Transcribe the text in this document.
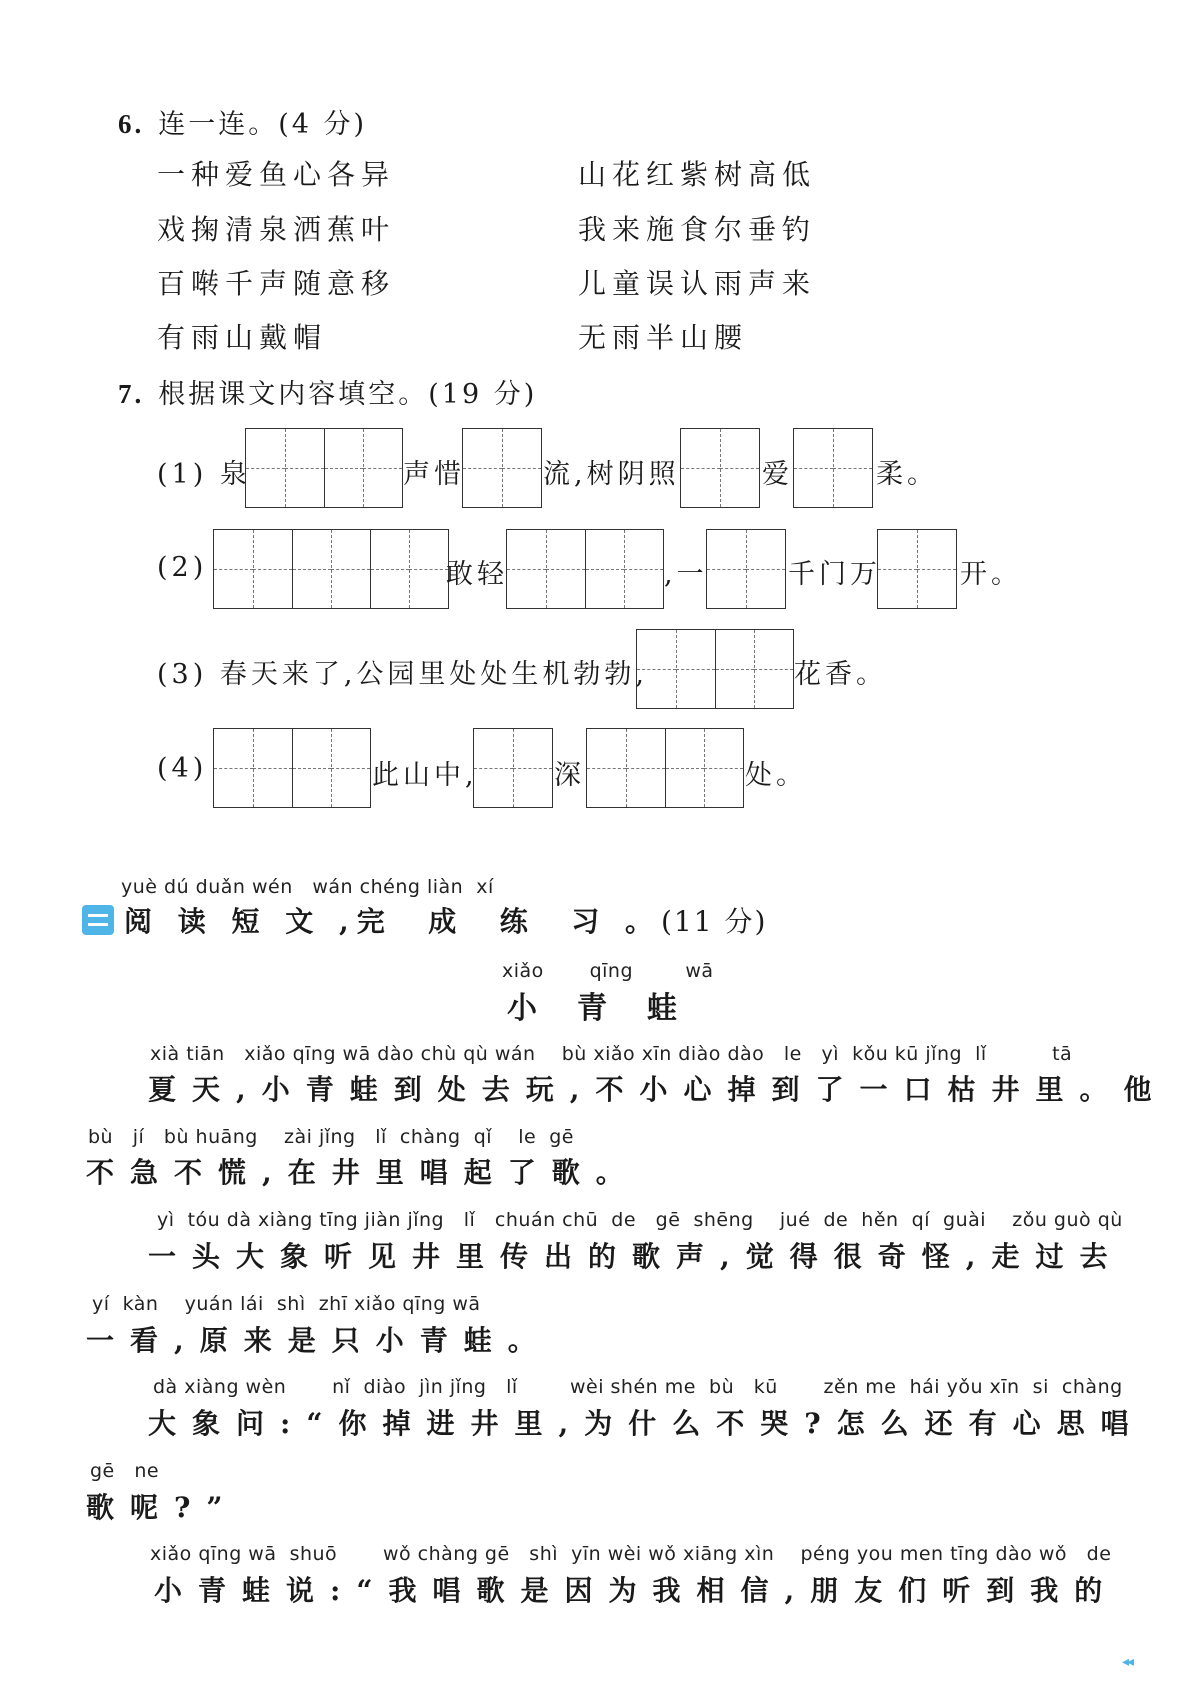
6. 连一连。(4 分)
一种爱鱼心各异
戏掬清泉洒蕉叶
百啭千声随意移
有雨山戴帽
山花红紫树高低
我来施食尔垂钓
儿童误认雨声来
无雨半山腰
7. 根据课文内容填空。(19 分)
(1) 泉	声惜	流,树阴照	爱	柔。
(2)	敢轻	,一	千门万	开。
(3) 春天来了,公园里处处生机勃勃,	花香。
(4)	此山中,	深	处。
yuè dú duǎn wén   wán chéng liàn  xí
阅 读 短 文 ,完  成  练  习 。(11 分)
xiǎo       qīng        wā
小青蛙
xià tiān   xiǎo qīng wā dào chù qù wán    bù xiǎo xīn diào dào   le   yì  kǒu kū jǐng  lǐ          tā
夏天,小青蛙到处去玩,不小心掉到了一口枯井里。他
bù   jí   bù huāng    zài jǐng   lǐ  chàng  qǐ    le  gē
不急不慌,在井里唱起了歌。
yì  tóu dà xiàng tīng jiàn jǐng   lǐ   chuán chū  de   gē  shēng    jué  de  hěn  qí  guài    zǒu guò qù
一头大象听见井里传出的歌声,觉得很奇怪,走过去
yí  kàn    yuán lái  shì  zhī xiǎo qīng wā
一看,原来是只小青蛙。
dà xiàng wèn       nǐ  diào  jìn jǐng   lǐ        wèi shén me  bù   kū       zěn me  hái yǒu xīn  si  chàng
大象问:“你掉进井里,为什么不哭?怎么还有心思唱
gē   ne
歌呢?”
xiǎo qīng wā  shuō       wǒ chàng gē   shì  yīn wèi wǒ xiāng xìn    péng you men tīng dào wǒ   de
小青蛙说:“我唱歌是因为我相信,朋友们听到我的
◂◂
